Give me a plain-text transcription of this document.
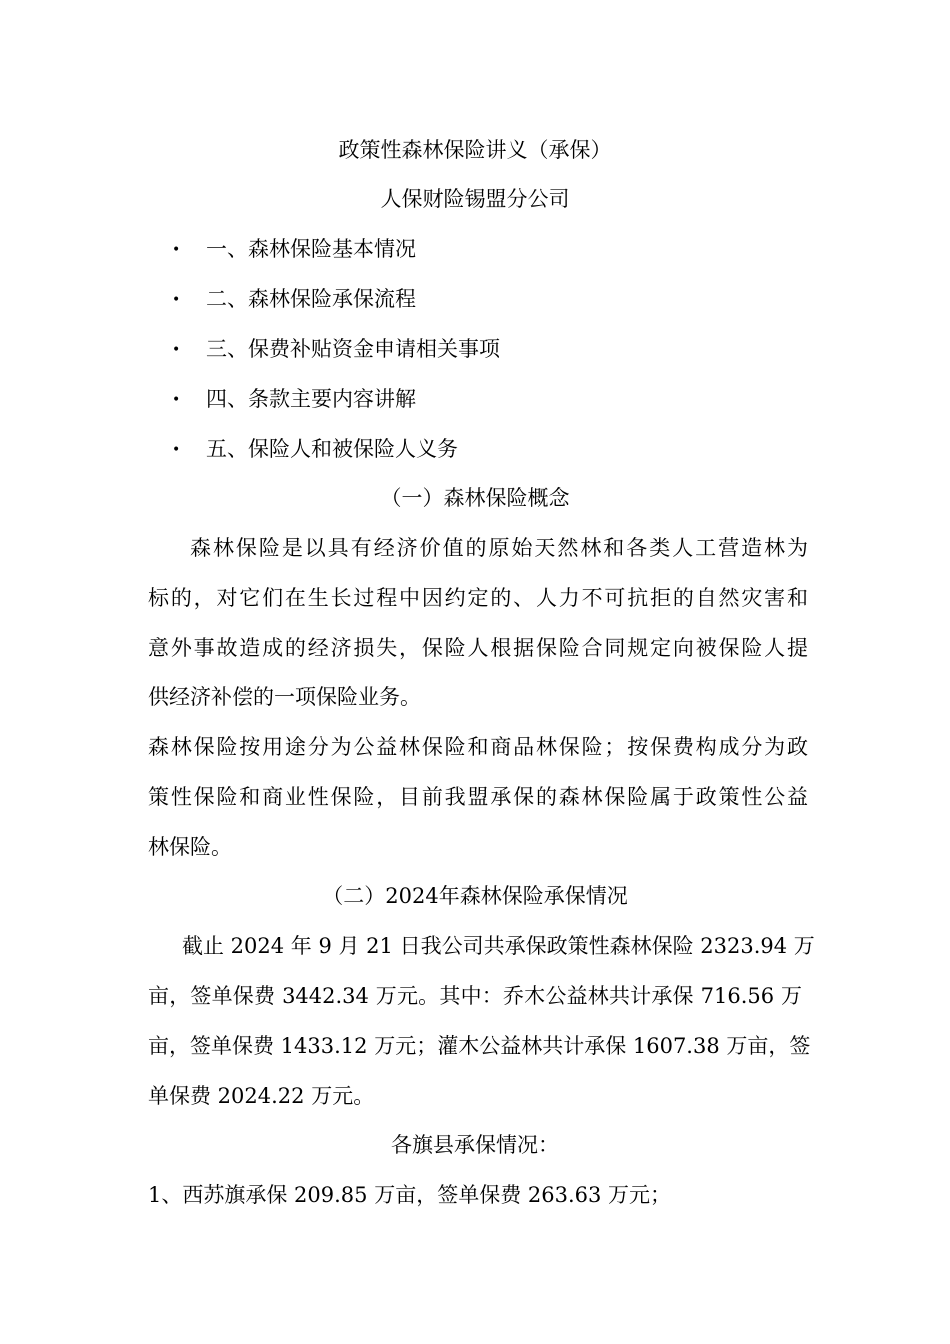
政策性森林保险讲义（承保）
人保财险锡盟分公司
• 一、森林保险基本情况
• 二、森林保险承保流程
• 三、保费补贴资金申请相关事项
• 四、条款主要内容讲解
• 五、保险人和被保险人义务
（一）森林保险概念
森林保险是以具有经济价值的原始天然林和各类人工营造林为
标的，对它们在生长过程中因约定的、人力不可抗拒的自然灾害和
意外事故造成的经济损失，保险人根据保险合同规定向被保险人提
供经济补偿的一项保险业务。
森林保险按用途分为公益林保险和商品林保险；按保费构成分为政
策性保险和商业性保险，目前我盟承保的森林保险属于政策性公益
林保险。
（二）2024年森林保险承保情况
截止 2024 年 9 月 21 日我公司共承保政策性森林保险 2323.94 万
亩，签单保费 3442.34 万元。其中：乔木公益林共计承保 716.56 万
亩，签单保费 1433.12 万元；灌木公益林共计承保 1607.38 万亩，签
单保费 2024.22 万元。
各旗县承保情况：
1、西苏旗承保 209.85 万亩，签单保费 263.63 万元；
